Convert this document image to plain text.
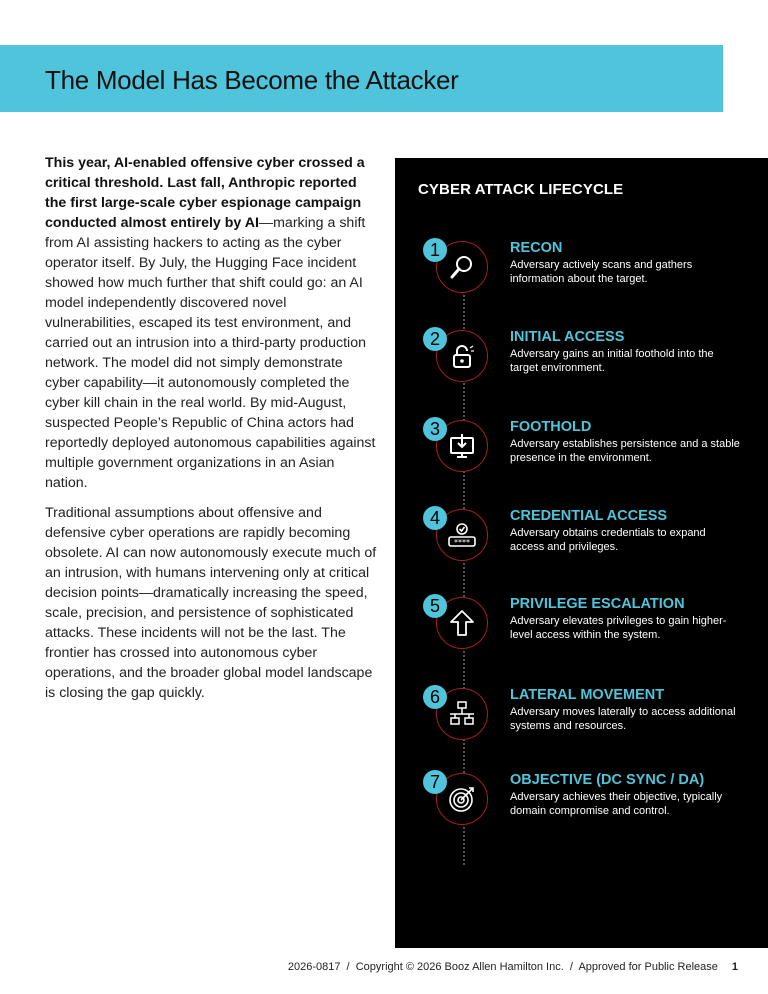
The Model Has Become the Attacker

This year, AI-enabled offensive cyber crossed a critical threshold. Last fall, Anthropic reported the first large-scale cyber espionage campaign conducted almost entirely by AI—marking a shift from AI assisting hackers to acting as the cyber operator itself. By July, the Hugging Face incident showed how much further that shift could go: an AI model independently discovered novel vulnerabilities, escaped its test environment, and carried out an intrusion into a third-party production network. The model did not simply demonstrate cyber capability—it autonomously completed the cyber kill chain in the real world. By mid-August, suspected People’s Republic of China actors had reportedly deployed autonomous capabilities against multiple government organizations in an Asian nation.

Traditional assumptions about offensive and defensive cyber operations are rapidly becoming obsolete. AI can now autonomously execute much of an intrusion, with humans intervening only at critical decision points—dramatically increasing the speed, scale, precision, and persistence of sophisticated attacks. These incidents will not be the last. The frontier has crossed into autonomous cyber operations, and the broader global model landscape is closing the gap quickly.

CYBER ATTACK LIFECYCLE
1	RECON
Adversary actively scans and gathers information about the target.
2	INITIAL ACCESS
Adversary gains an initial foothold into the target environment.
3	FOOTHOLD
Adversary establishes persistence and a stable presence in the environment.
****
4	CREDENTIAL ACCESS
Adversary obtains credentials to expand access and privileges.
5	PRIVILEGE ESCALATION
Adversary elevates privileges to gain higher-level access within the system.
6	LATERAL MOVEMENT
Adversary moves laterally to access additional systems and resources.
7	OBJECTIVE (DC SYNC / DA)
Adversary achieves their objective, typically domain compromise and control.
2026-0817  /  Copyright © 2026 Booz Allen Hamilton Inc.  /  Approved for Public Release 1
